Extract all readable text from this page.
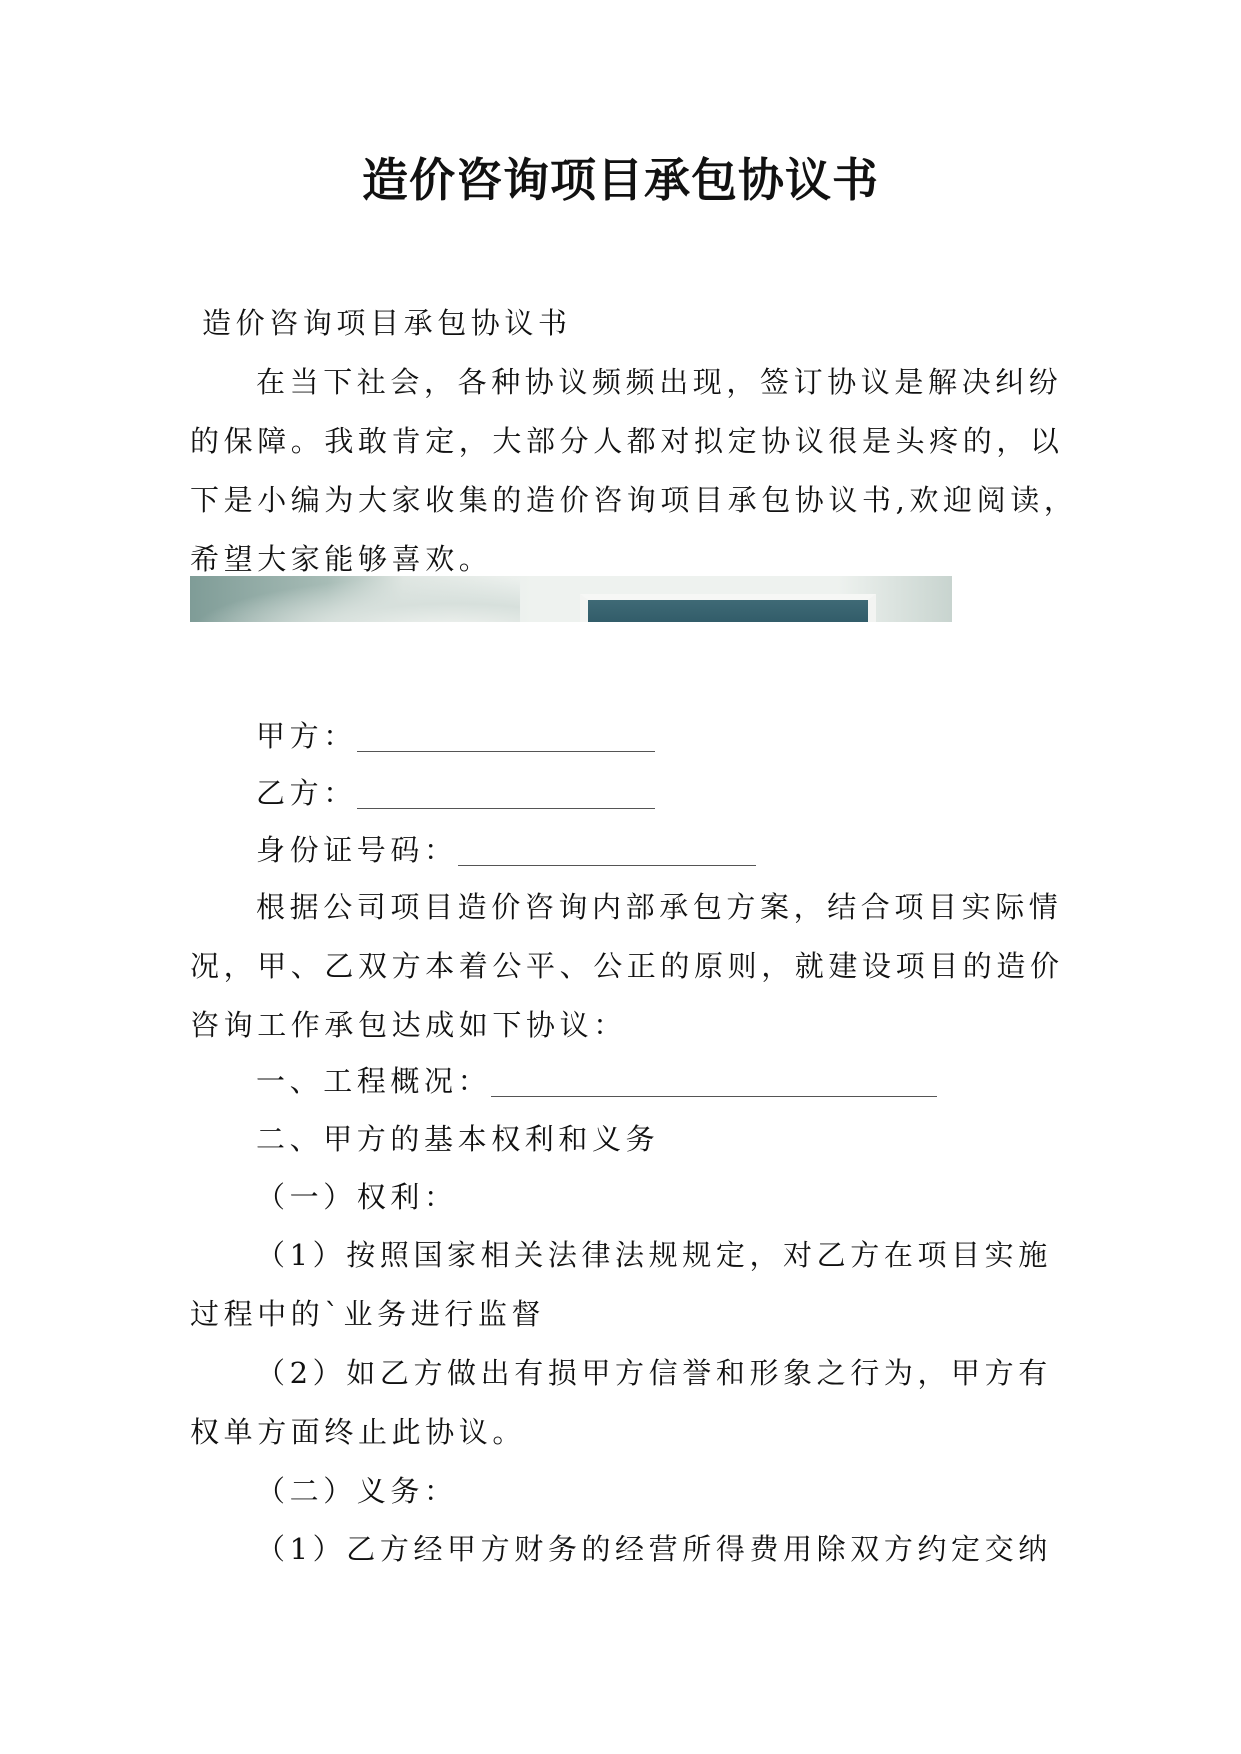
造价咨询项目承包协议书

造价咨询项目承包协议书

在当下社会，各种协议频频出现，签订协议是解决纠纷
的保障。我敢肯定，大部分人都对拟定协议很是头疼的，以
下是小编为大家收集的造价咨询项目承包协议书,欢迎阅读，
希望大家能够喜欢。

甲方：

乙方：

身份证号码：

根据公司项目造价咨询内部承包方案，结合项目实际情
况，甲、乙双方本着公平、公正的原则，就建设项目的造价
咨询工作承包达成如下协议：

一、工程概况：

二、甲方的基本权利和义务

（一）权利：

（1）按照国家相关法律法规规定，对乙方在项目实施
过程中的`业务进行监督

（2）如乙方做出有损甲方信誉和形象之行为，甲方有
权单方面终止此协议。

（二）义务：

（1）乙方经甲方财务的经营所得费用除双方约定交纳
